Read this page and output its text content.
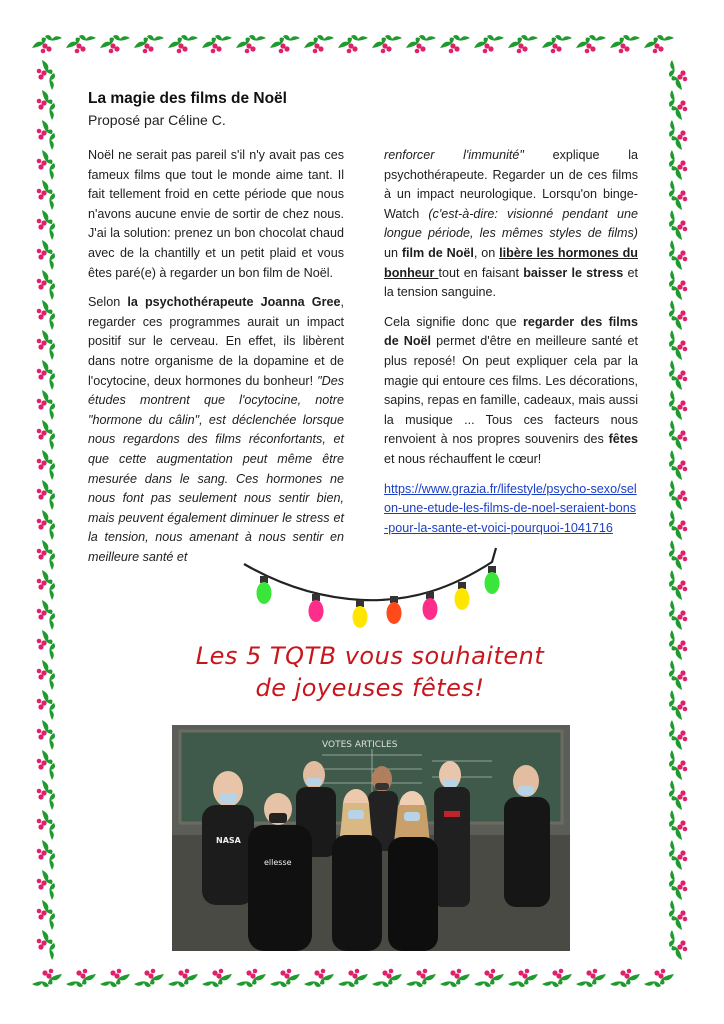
La magie des films de Noël
Proposé par Céline C.

Noël ne serait pas pareil s'il n'y avait pas ces fameux films que tout le monde aime tant. Il fait tellement froid en cette période que nous n'avons aucune envie de sortir de chez nous. J'ai la solution: prenez un bon chocolat chaud avec de la chantilly et un petit plaid et vous êtes paré(e) à regarder un bon film de Noël.

Selon la psychothérapeute Joanna Gree, regarder ces programmes aurait un impact positif sur le cerveau. En effet, ils libèrent dans notre organisme de la dopamine et de l'ocytocine, deux hormones du bonheur! "Des études montrent que l'ocytocine, notre "hormone du câlin", est déclenchée lorsque nous regardons des films réconfortants, et que cette augmentation peut même être mesurée dans le sang. Ces hormones ne nous font pas seulement nous sentir bien, mais peuvent également diminuer le stress et la tension, nous amenant à nous sentir en meilleure santé et

renforcer l'immunité" explique la psychothérapeute. Regarder un de ces films à un impact neurologique. Lorsqu'on binge-Watch (c'est-à-dire: visionné pendant une longue période, les mêmes styles de films) un film de Noël, on libère les hormones du bonheur tout en faisant baisser le stress et la tension sanguine.

Cela signifie donc que regarder des films de Noël permet d'être en meilleure santé et plus reposé! On peut expliquer cela par la magie qui entoure ces films. Les décorations, sapins, repas en famille, cadeaux, mais aussi la musique ... Tous ces facteurs nous renvoient à nos propres souvenirs des fêtes et nous réchauffent le cœur!

https://www.grazia.fr/lifestyle/psycho-sexo/selon-une-etude-les-films-de-noel-seraient-bons-pour-la-sante-et-voici-pourquoi-1041716

Les 5 TQTB vous souhaitent
de joyeuses fêtes!
VOTES ARTICLES
NASA
ellesse
